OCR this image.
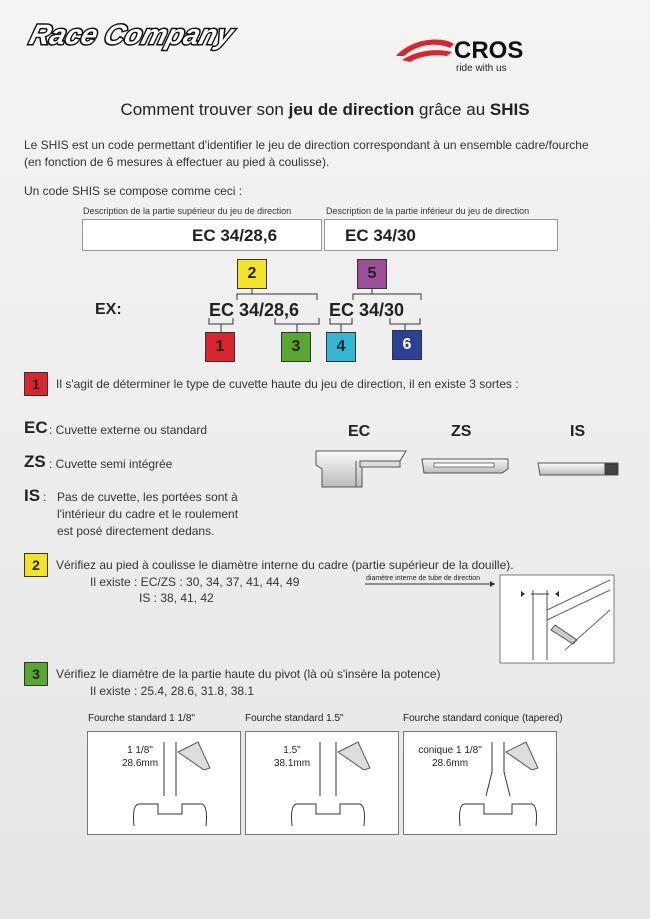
Race Company	CROS
ride with us
Comment trouver son jeu de direction grâce au SHIS
Le SHIS est un code permettant d'identifier le jeu de direction correspondant à un ensemble cadre/fourche
(en fonction de 6 mesures à effectuer au pied à coulisse).
Un code SHIS se compose comme ceci :
Description de la partie supérieur du jeu de direction	Description de la partie inférieur du jeu de direction
EC 34/28,6	EC 34/30
EX:	EC 34/28,6 EC 34/30
2	5
1	3	4	6
1	Il s'agit de déterminer le type de cuvette haute du jeu de direction, il en existe 3 sortes :
EC : Cuvette externe ou standard
ZS : Cuvette semi intégrée
IS : Pas de cuvette, les portées sont à
l'intérieur du cadre et le roulement
est posé directement dedans.
EC	ZS	IS
2	Vérifiez au pied à coulisse le diamètre interne du cadre (partie supérieur de la douille).
Il existe : EC/ZS : 30, 34, 37, 41, 44, 49
IS : 38, 41, 42
diamètre interne de tube de direction
3	Vérifiez le diamètre de la partie haute du pivot (là où s'insère la potence)
Il existe : 25.4, 28.6, 31.8, 38.1
Fourche standard 1 1/8"	Fourche standard 1.5"	Fourche standard conique (tapered)
1 1/8"
28.6mm
1.5"
38.1mm
conique 1 1/8"
28.6mm
